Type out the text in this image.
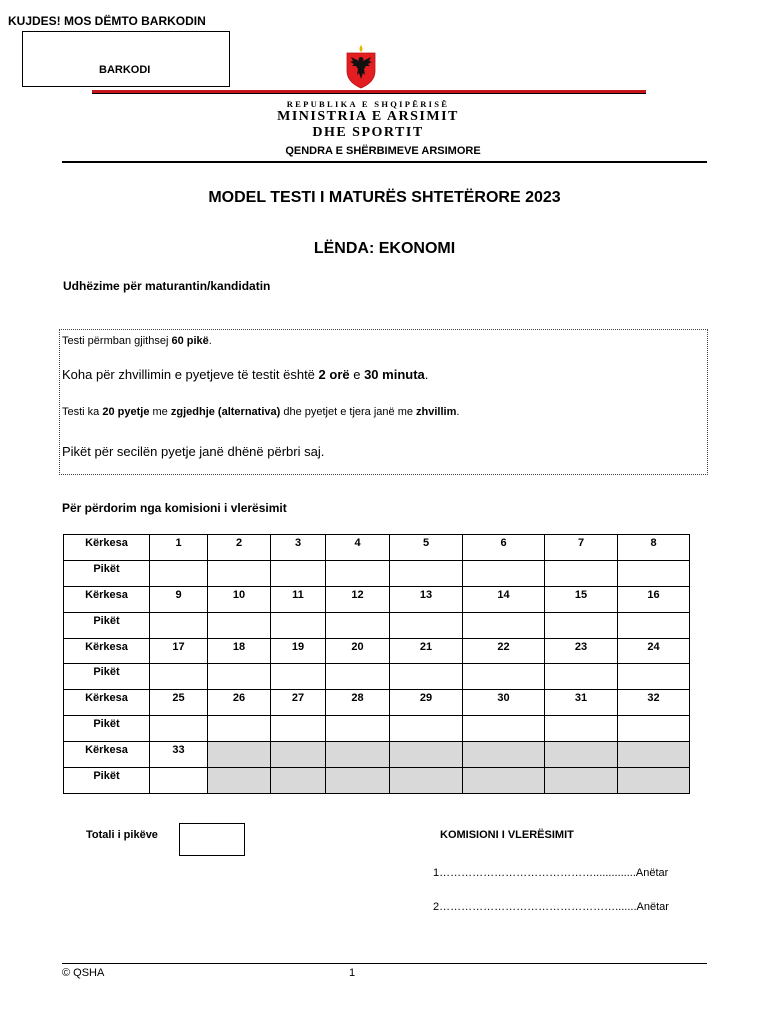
KUJDES! MOS DËMTO BARKODIN
BARKODI
REPUBLIKA E SHQIPËRISË
MINISTRIA E ARSIMIT
DHE SPORTIT
QENDRA E SHËRBIMEVE ARSIMORE
MODEL TESTI I MATURËS SHTETËRORE 2023
LËNDA: EKONOMI
Udhëzime për maturantin/kandidatin
Testi përmban gjithsej 60 pikë.
Koha për zhvillimin e pyetjeve të testit është 2 orë e 30 minuta.
Testi ka 20 pyetje me zgjedhje (alternativa) dhe pyetjet e tjera janë me zhvillim.
Pikët për secilën pyetje janë dhënë përbri saj.
Për përdorim nga komisioni i vlerësimit
Kërkesa	1	2	3	4	5	6	7	8
Pikët								
Kërkesa	9	10	11	12	13	14	15	16
Pikët								
Kërkesa	17	18	19	20	21	22	23	24
Pikët								
Kërkesa	25	26	27	28	29	30	31	32
Pikët								
Kërkesa	33							
Pikët								
Totali i pikëve	KOMISIONI I VLERËSIMIT
1……………………………………..............Anëtar
2………………………………………….......Anëtar
© QSHA	1
